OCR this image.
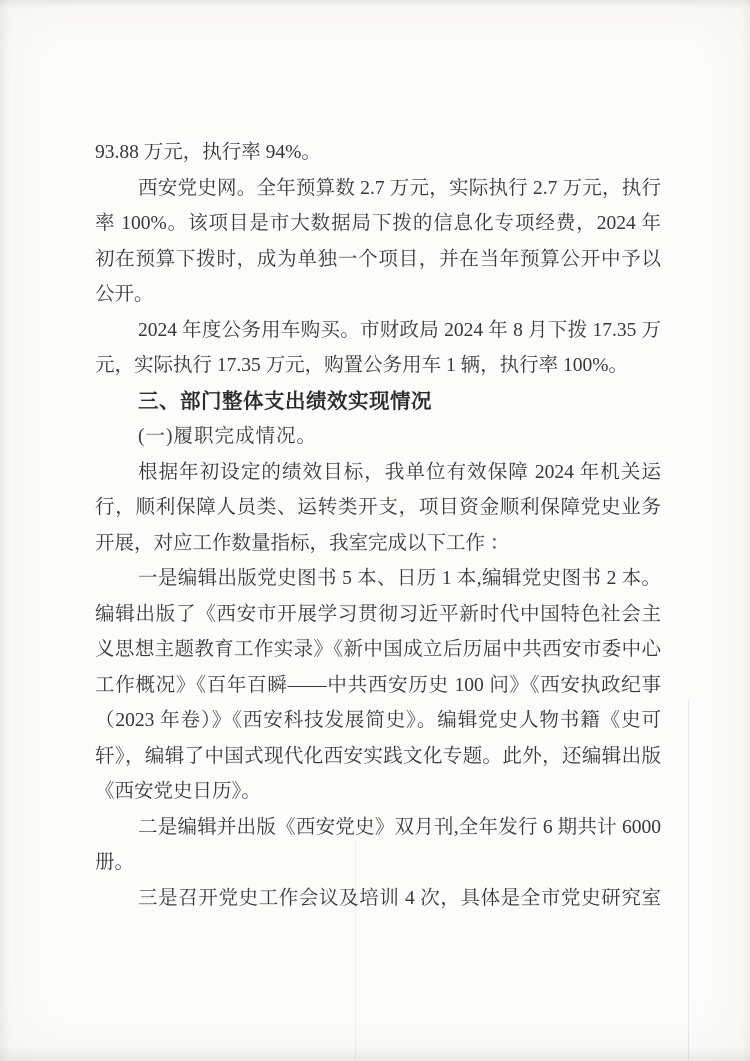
93.88 万元，执行率 94%。
西安党史网。全年预算数 2.7 万元，实际执行 2.7 万元，执行
率 100%。该项目是市大数据局下拨的信息化专项经费，2024 年
初在预算下拨时，成为单独一个项目，并在当年预算公开中予以
公开。
2024 年度公务用车购买。市财政局 2024 年 8 月下拨 17.35 万
元，实际执行 17.35 万元，购置公务用车 1 辆，执行率 100%。
三、部门整体支出绩效实现情况
(一)履职完成情况。
根据年初设定的绩效目标，我单位有效保障 2024 年机关运
行，顺利保障人员类、运转类开支，项目资金顺利保障党史业务
开展，对应工作数量指标，我室完成以下工作 ：
一是编辑出版党史图书 5 本、日历 1 本,编辑党史图书 2 本。
编辑出版了《西安市开展学习贯彻习近平新时代中国特色社会主
义思想主题教育工作实录》《新中国成立后历届中共西安市委中心
工作概况》《百年百瞬——中共西安历史 100 问》《西安执政纪事
（2023 年卷）》《西安科技发展简史》。编辑党史人物书籍《史可
轩》，编辑了中国式现代化西安实践文化专题。此外，还编辑出版
《西安党史日历》。
二是编辑并出版《西安党史》双月刊,全年发行 6 期共计 6000
册。
三是召开党史工作会议及培训 4 次，具体是全市党史研究室
